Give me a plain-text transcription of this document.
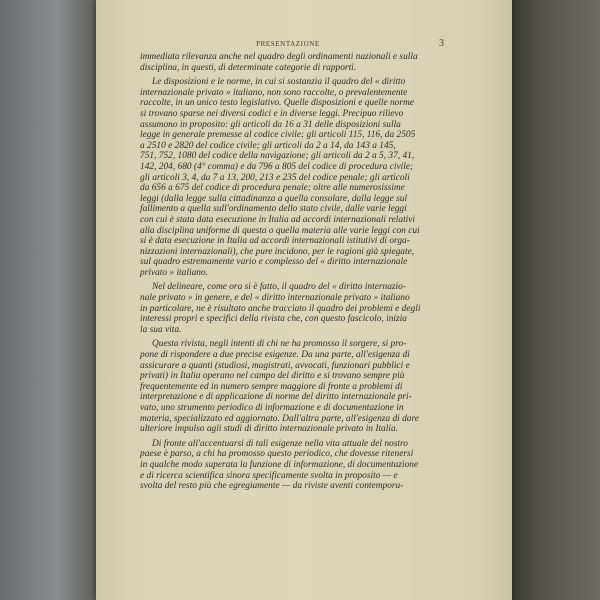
PRESENTAZIONE	3
immediata rilevanza anche nel quadro degli ordinamenti nazionali e sulla
disciplina, in questi, di determinate categorie di rapporti.
Le disposizioni e le norme, in cui si sostanzia il quadro del « diritto
internazionale privato » italiano, non sono raccolte, o prevalentemente
raccolte, in un unico testo legislativo. Quelle disposizioni e quelle norme
si trovano sparse nei diversi codici e in diverse leggi. Precipuo rilievo
assumono in proposito: gli articoli da 16 a 31 delle disposizioni sulla
legge in generale premesse al codice civile; gli articoli 115, 116, da 2505
a 2510 e 2820 del codice civile; gli articoli da 2 a 14, da 143 a 145,
751, 752, 1080 del codice della navigazione; gli articoli da 2 a 5, 37, 41,
142, 204, 680 (4° comma) e da 796 a 805 del codice di procedura civile;
gli articoli 3, 4, da 7 a 13, 200, 213 e 235 del codice penale; gli articoli
da 656 a 675 del codice di procedura penale; oltre alle numerosissime
leggi (dalla legge sulla cittadinanza a quella consolare, dalla legge sul
fallimento a quella sull'ordinamento dello stato civile, dalle varie leggi
con cui è stata data esecuzione in Italia ad accordi internazionali relativi
alla disciplina uniforme di questa o quella materia alle varie leggi con cui
si è data esecuzione in Italia ad accordi internazionali istitutivi di orga-
nizzazioni internazionali), che pure incidono, per le ragioni già spiegate,
sul quadro estremamente vario e complesso del « diritto internazionale
privato » italiano.
Nel delineare, come ora si è fatto, il quadro del « diritto internazio-
nale privato » in genere, e del « diritto internazionale privato » italiano
in particolare, ne è risultato anche tracciato il quadro dei problemi e degli
interessi propri e specifici della rivista che, con questo fascicolo, inizia
la sua vita.
Questa rivista, negli intenti di chi ne ha promosso il sorgere, si pro-
pone di rispondere a due precise esigenze. Da una parte, all'esigenza di
assicurare a quanti (studiosi, magistrati, avvocati, funzionari pubblici e
privati) in Italia operano nel campo del diritto e si trovano sempre più
frequentemente ed in numero sempre maggiore di fronte a problemi di
interpretazione e di applicazione di norme del diritto internazionale pri-
vato, uno strumento periodico di informazione e di documentazione in
materia, specializzato ed aggiornato. Dall'altra parte, all'esigenza di dare
ulteriore impulso agli studi di diritto internazionale privato in Italia.
Di fronte all'accentuarsi di tali esigenze nella vita attuale del nostro
paese è parso, a chi ha promosso questo periodico, che dovesse ritenersi
in qualche modo superata la funzione di informazione, di documentazione
e di ricerca scientifica sinora specificamente svolta in proposito — e
svolta del resto più che egregiamente — da riviste aventi contempora-
